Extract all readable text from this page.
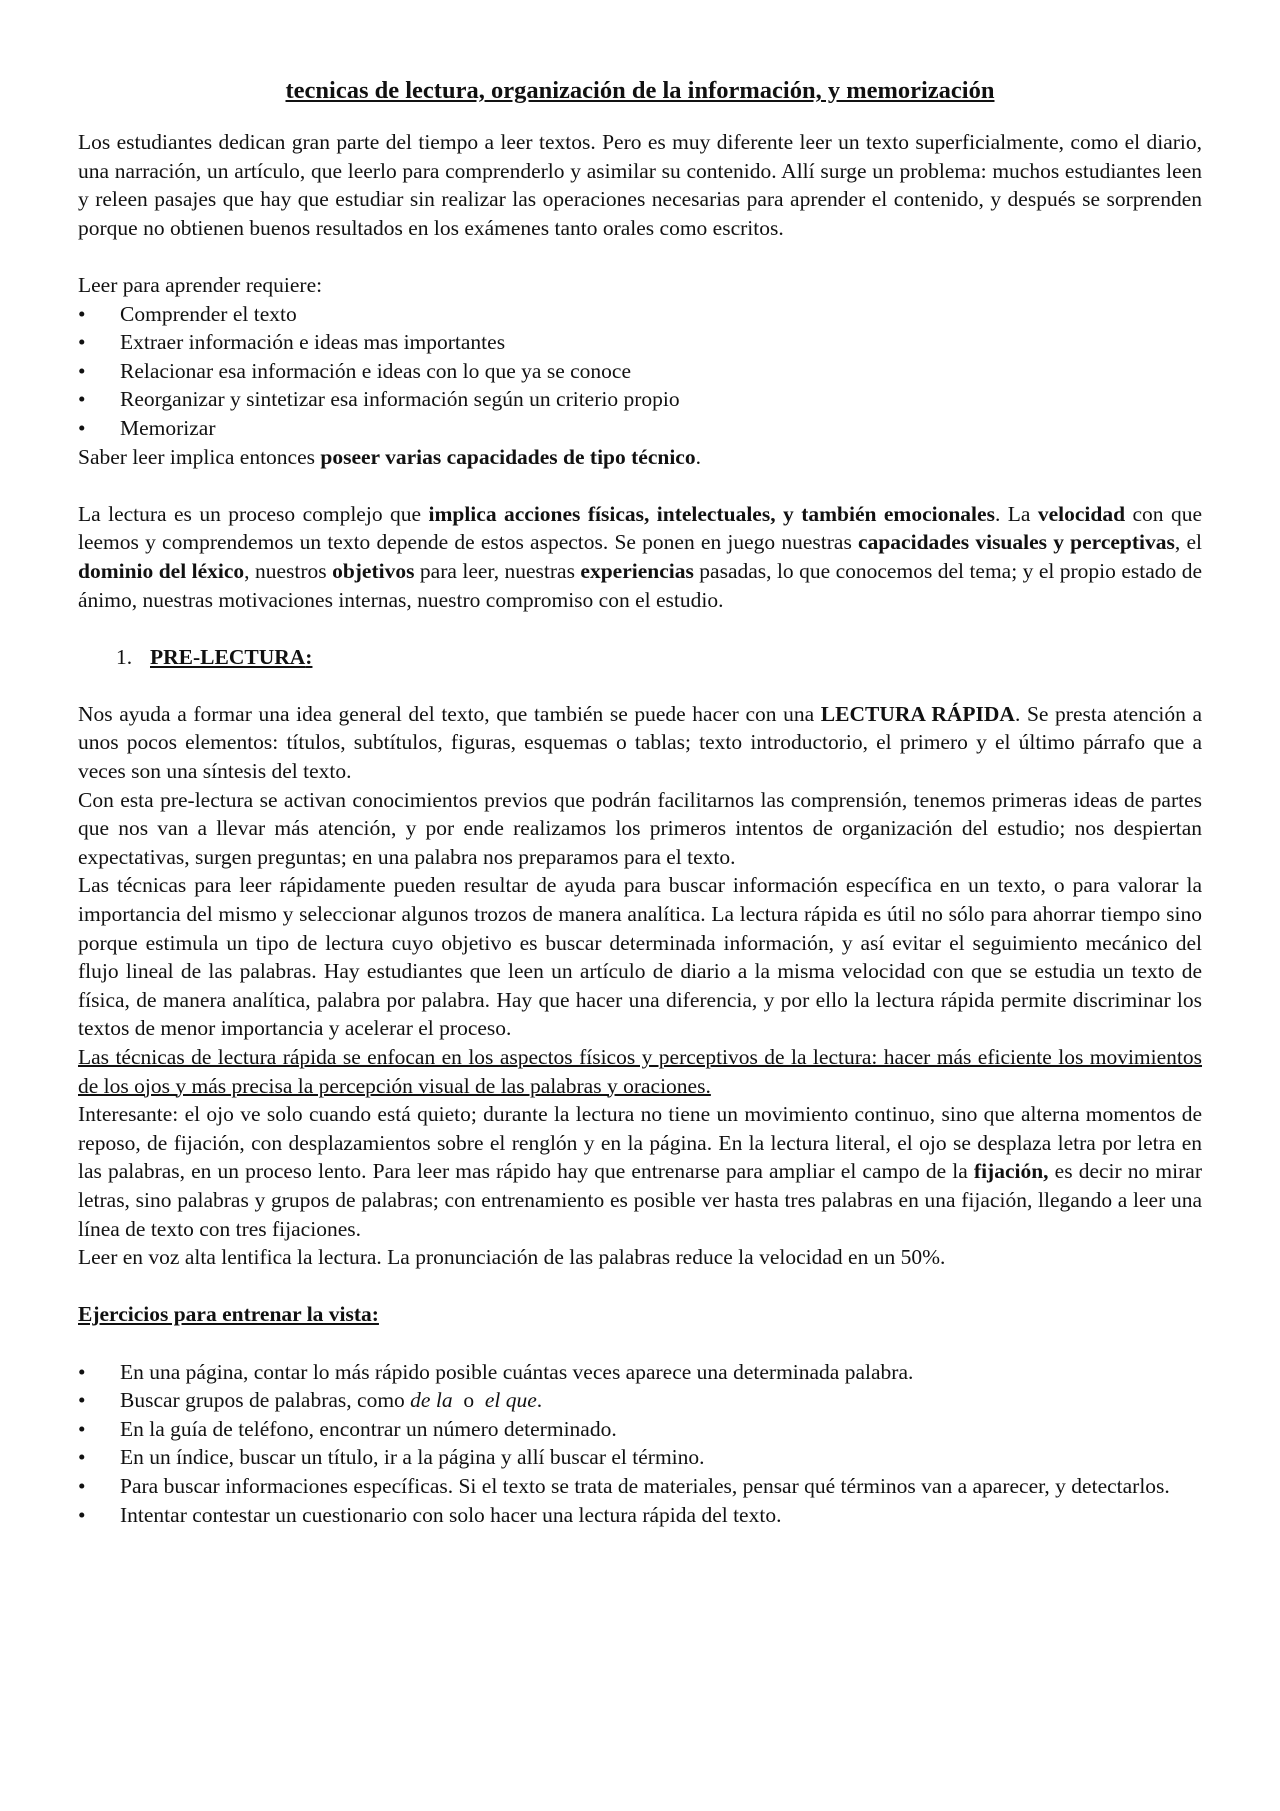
tecnicas de lectura, organización de la información, y memorización

Los estudiantes dedican gran parte del tiempo a leer textos. Pero es muy diferente leer un texto superficialmente, como el diario, una narración, un artículo, que leerlo para comprenderlo y asimilar su contenido. Allí surge un problema: muchos estudiantes leen y releen pasajes que hay que estudiar sin realizar las operaciones necesarias para aprender el contenido, y después se sorprenden porque no obtienen buenos resultados en los exámenes tanto orales como escritos.

Leer para aprender requiere:

• Comprender el texto
• Extraer información e ideas mas importantes
• Relacionar esa información e ideas con lo que ya se conoce
• Reorganizar y sintetizar esa información según un criterio propio
• Memorizar

Saber leer implica entonces poseer varias capacidades de tipo técnico.

La lectura es un proceso complejo que implica acciones físicas, intelectuales, y también emocionales. La velocidad con que leemos y comprendemos un texto depende de estos aspectos. Se ponen en juego nuestras capacidades visuales y perceptivas, el dominio del léxico, nuestros objetivos para leer, nuestras experiencias pasadas, lo que conocemos del tema; y el propio estado de ánimo, nuestras motivaciones internas, nuestro compromiso con el estudio.

1. PRE-LECTURA:

Nos ayuda a formar una idea general del texto, que también se puede hacer con una LECTURA RÁPIDA. Se presta atención a unos pocos elementos: títulos, subtítulos, figuras, esquemas o tablas; texto introductorio, el primero y el último párrafo que a veces son una síntesis del texto.

Con esta pre-lectura se activan conocimientos previos que podrán facilitarnos las comprensión, tenemos primeras ideas de partes que nos van a llevar más atención, y por ende realizamos los primeros intentos de organización del estudio; nos despiertan expectativas, surgen preguntas; en una palabra nos preparamos para el texto.

Las técnicas para leer rápidamente pueden resultar de ayuda para buscar información específica en un texto, o para valorar la importancia del mismo y seleccionar algunos trozos de manera analítica. La lectura rápida es útil no sólo para ahorrar tiempo sino porque estimula un tipo de lectura cuyo objetivo es buscar determinada información, y así evitar el seguimiento mecánico del flujo lineal de las palabras. Hay estudiantes que leen un artículo de diario a la misma velocidad con que se estudia un texto de física, de manera analítica, palabra por palabra. Hay que hacer una diferencia, y por ello la lectura rápida permite discriminar los textos de menor importancia y acelerar el proceso.

Las técnicas de lectura rápida se enfocan en los aspectos físicos y perceptivos de la lectura: hacer más eficiente los movimientos de los ojos y más precisa la percepción visual de las palabras y oraciones.

Interesante: el ojo ve solo cuando está quieto; durante la lectura no tiene un movimiento continuo, sino que alterna momentos de reposo, de fijación, con desplazamientos sobre el renglón y en la página. En la lectura literal, el ojo se desplaza letra por letra en las palabras, en un proceso lento. Para leer mas rápido hay que entrenarse para ampliar el campo de la fijación, es decir no mirar letras, sino palabras y grupos de palabras; con entrenamiento es posible ver hasta tres palabras en una fijación, llegando a leer una línea de texto con tres fijaciones.

Leer en voz alta lentifica la lectura. La pronunciación de las palabras reduce la velocidad en un 50%.

Ejercicios para entrenar la vista:

• En una página, contar lo más rápido posible cuántas veces aparece una determinada palabra.
• Buscar grupos de palabras, como de la  o  el que.
• En la guía de teléfono, encontrar un número determinado.
• En un índice, buscar un título, ir a la página y allí buscar el término.
• Para buscar informaciones específicas. Si el texto se trata de materiales, pensar qué términos van a aparecer, y detectarlos.
• Intentar contestar un cuestionario con solo hacer una lectura rápida del texto.
